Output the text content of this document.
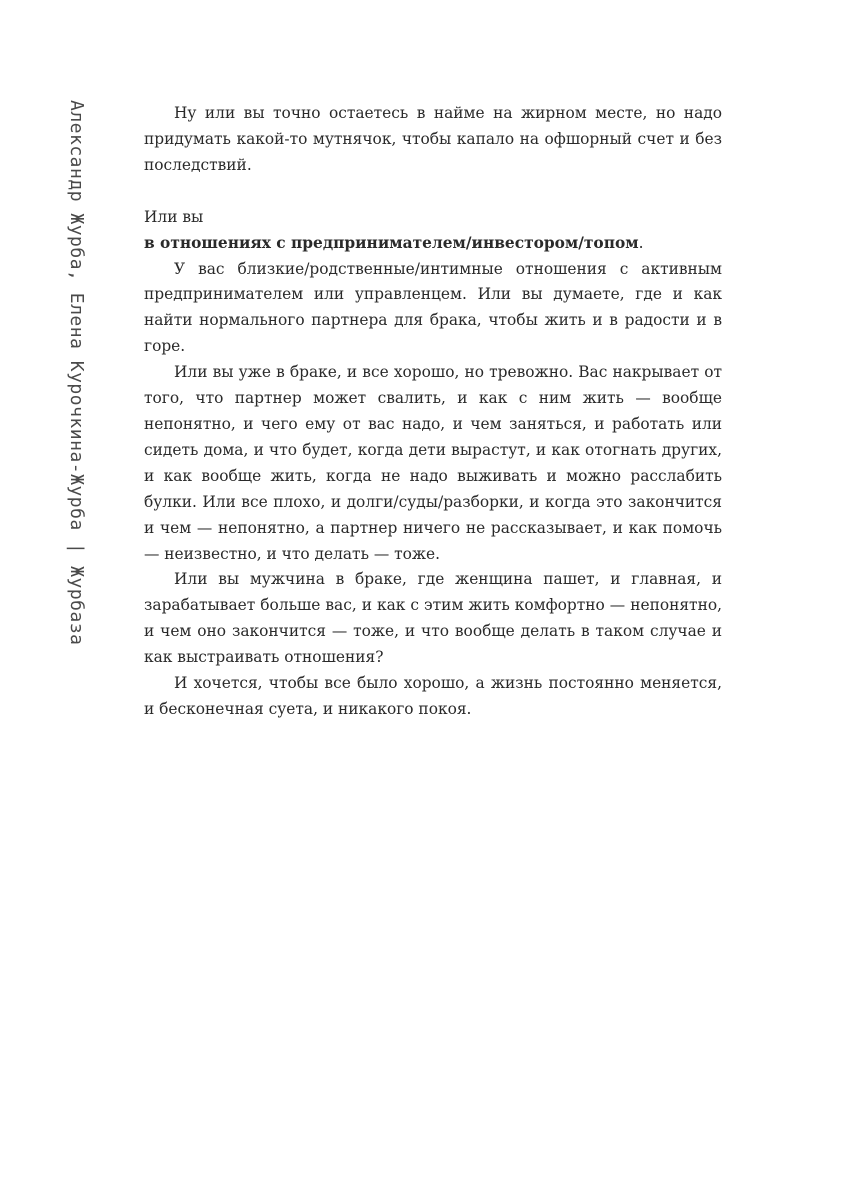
Александр Журба, Елена Курочкина-Журба|Журбаза

Ну или вы точно остаетесь в найме на жирном месте, но надо придумать какой-то мутнячок, чтобы капало на офшорный счет и без последствий.

Или вы

в отношениях с предпринимателем/инвестором/топом.

У вас близкие/родственные/интимные отношения с активным предпринимателем или управленцем. Или вы думаете, где и как найти нормального партнера для брака, чтобы жить и в радости и в горе.

Или вы уже в браке, и все хорошо, но тревожно. Вас накрывает от того, что партнер может свалить, и как с ним жить — вообще непонятно, и чего ему от вас надо, и чем заняться, и работать или сидеть дома, и что будет, когда дети вырастут, и как отогнать других, и как вообще жить, когда не надо выживать и можно расслабить булки. Или все плохо, и долги/суды/разборки, и когда это закончится и чем — непонятно, а партнер ничего не рассказывает, и как помочь — неизвестно, и что делать — тоже.

Или вы мужчина в браке, где женщина пашет, и главная, и зарабатывает больше вас, и как с этим жить комфортно — непонятно, и чем оно закончится — тоже, и что вообще делать в таком случае и как выстраивать отношения?

И хочется, чтобы все было хорошо, а жизнь постоянно меняется, и бесконечная суета, и никакого покоя.
